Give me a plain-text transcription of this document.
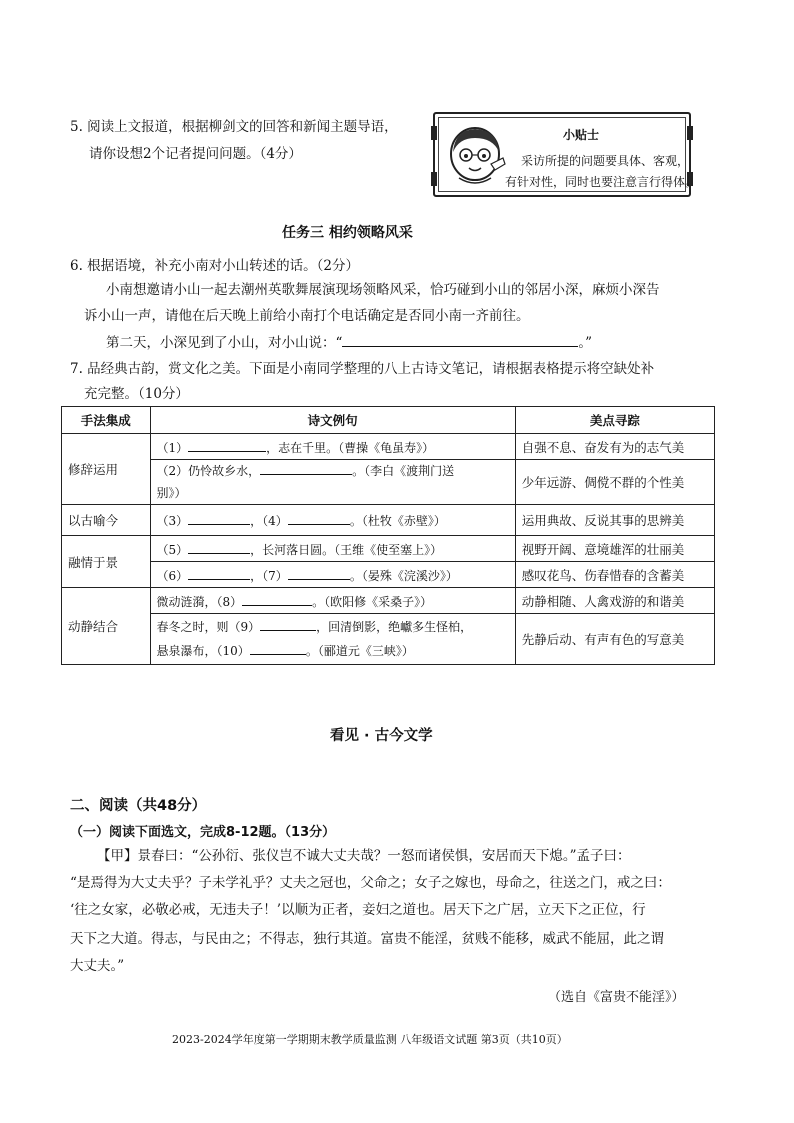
5. 阅读上文报道，根据柳剑文的回答和新闻主题导语，
请你设想2个记者提问问题。（4分）
小贴士
采访所提的问题要具体、客观，
有针对性，同时也要注意言行得体。
任务三 相约领略风采
6. 根据语境，补充小南对小山转述的话。（2分）
小南想邀请小山一起去潮州英歌舞展演现场领略风采，恰巧碰到小山的邻居小深，麻烦小深告
诉小山一声，请他在后天晚上前给小南打个电话确定是否同小南一齐前往。
第二天，小深见到了小山，对小山说：“	。”
7. 品经典古韵，赏文化之美。下面是小南同学整理的八上古诗文笔记，请根据表格提示将空缺处补
充完整。（10分）
手法集成	诗文例句	美点寻踪
修辞运用	（1） ，志在千里。（曹操《龟虽寿》）	自强不息、奋发有为的志气美
	（2）仍怜故乡水， 。（李白《渡荆门送
别》）	少年远游、倜傥不群的个性美
以古喻今	（3） ，（4） 。（杜牧《赤壁》）	运用典故、反说其事的思辨美
融情于景	（5） ，长河落日圆。（王维《使至塞上》）	视野开阔、意境雄浑的壮丽美
	（6） ，（7） 。（晏殊《浣溪沙》）	感叹花鸟、伤春惜春的含蓄美
动静结合	微动涟漪，（8） 。（欧阳修《采桑子》）	动静相随、人禽戏游的和谐美
	春冬之时，则（9） ，回清倒影，绝巘多生怪柏，
悬泉瀑布，（10） 。（郦道元《三峡》）	先静后动、有声有色的写意美
看见 · 古今文学
二、阅读（共48分）
（一）阅读下面选文，完成8-12题。（13分）
【甲】景春曰：“公孙衍、张仪岂不诚大丈夫哉？一怒而诸侯惧，安居而天下熄。”孟子曰：
“是焉得为大丈夫乎？子未学礼乎？丈夫之冠也，父命之；女子之嫁也，母命之，往送之门，戒之曰：
‘往之女家，必敬必戒，无违夫子！’以顺为正者，妾妇之道也。居天下之广居，立天下之正位，行
天下之大道。得志，与民由之；不得志，独行其道。富贵不能淫，贫贱不能移，威武不能屈，此之谓
大丈夫。”
（选自《富贵不能淫》）
2023-2024学年度第一学期期末教学质量监测 八年级语文试题 第3页（共10页）
